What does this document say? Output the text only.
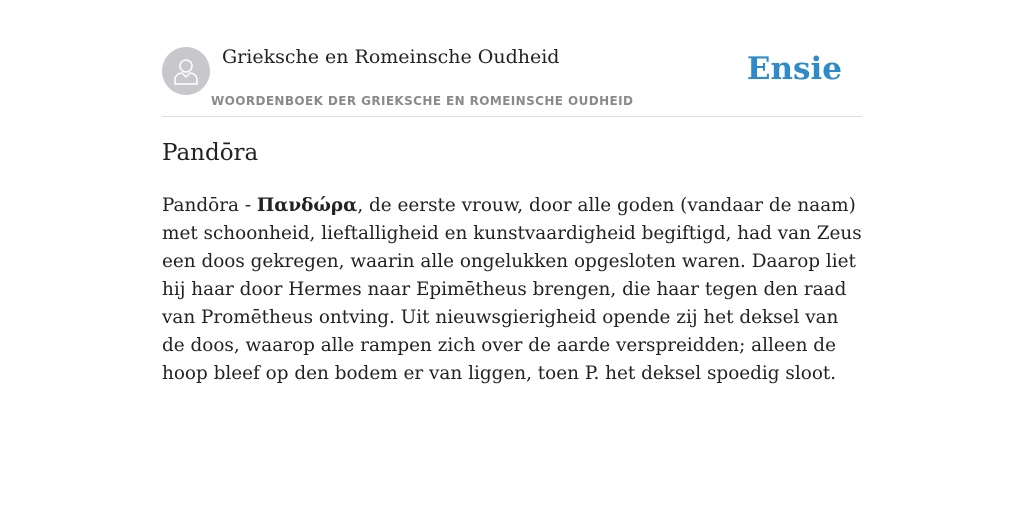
Grieksche en Romeinsche Oudheid
WOORDENBOEK DER GRIEKSCHE EN ROMEINSCHE OUDHEID
Ensie
Pandōra

Pandōra - Πανδώρα, de eerste vrouw, door alle goden (vandaar de naam) met schoonheid, lieftalligheid en kunstvaardigheid begiftigd, had van Zeus een doos gekregen, waarin alle ongelukken opgesloten waren. Daarop liet hij haar door Hermes naar Epimētheus brengen, die haar tegen den raad van Promētheus ontving. Uit nieuwsgierigheid opende zij het deksel van de doos, waarop alle rampen zich over de aarde verspreidden; alleen de hoop bleef op den bodem er van liggen, toen P. het deksel spoedig sloot.
